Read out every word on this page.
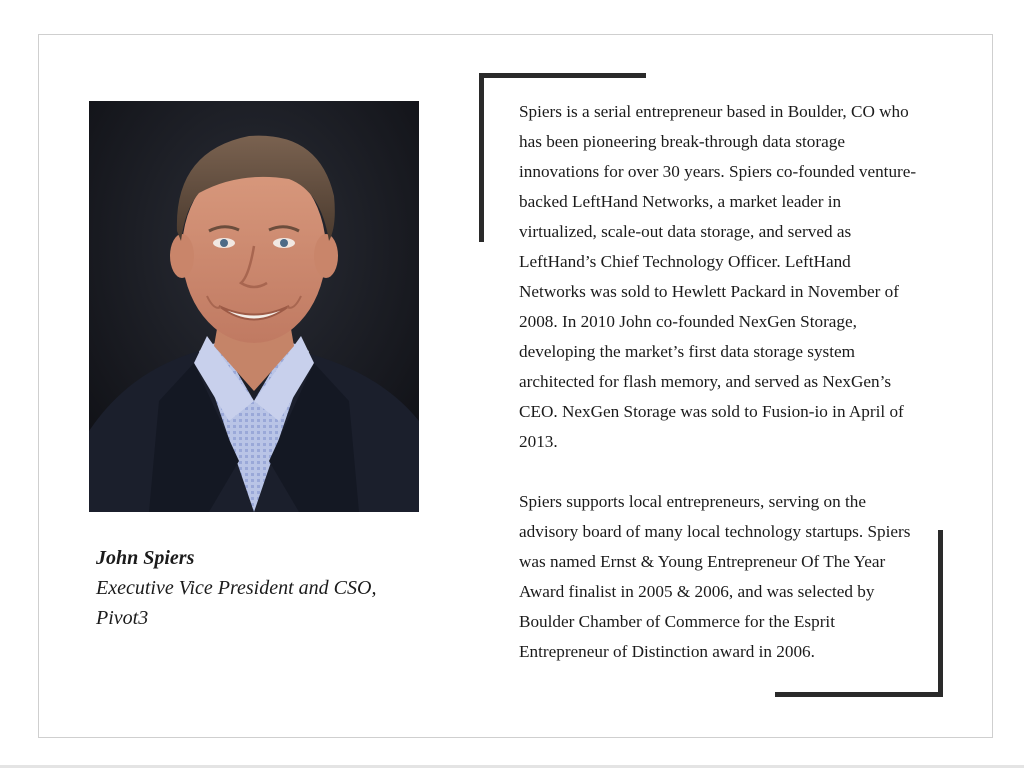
John Spiers
Executive Vice President and CSO,
Pivot3

Spiers is a serial entrepreneur based in Boulder, CO who has been pioneering break-through data storage innovations for over 30 years. Spiers co-founded venture-backed LeftHand Networks, a market leader in virtualized, scale-out data storage, and served as LeftHand’s Chief Technology Officer. LeftHand Networks was sold to Hewlett Packard in November of 2008. In 2010 John co-founded NexGen Storage, developing the market’s first data storage system architected for flash memory, and served as NexGen’s CEO. NexGen Storage was sold to Fusion-io in April of 2013.

Spiers supports local entrepreneurs, serving on the advisory board of many local technology startups. Spiers was named Ernst & Young Entrepreneur Of The Year Award finalist in 2005 & 2006, and was selected by Boulder Chamber of Commerce for the Esprit Entrepreneur of Distinction award in 2006.
